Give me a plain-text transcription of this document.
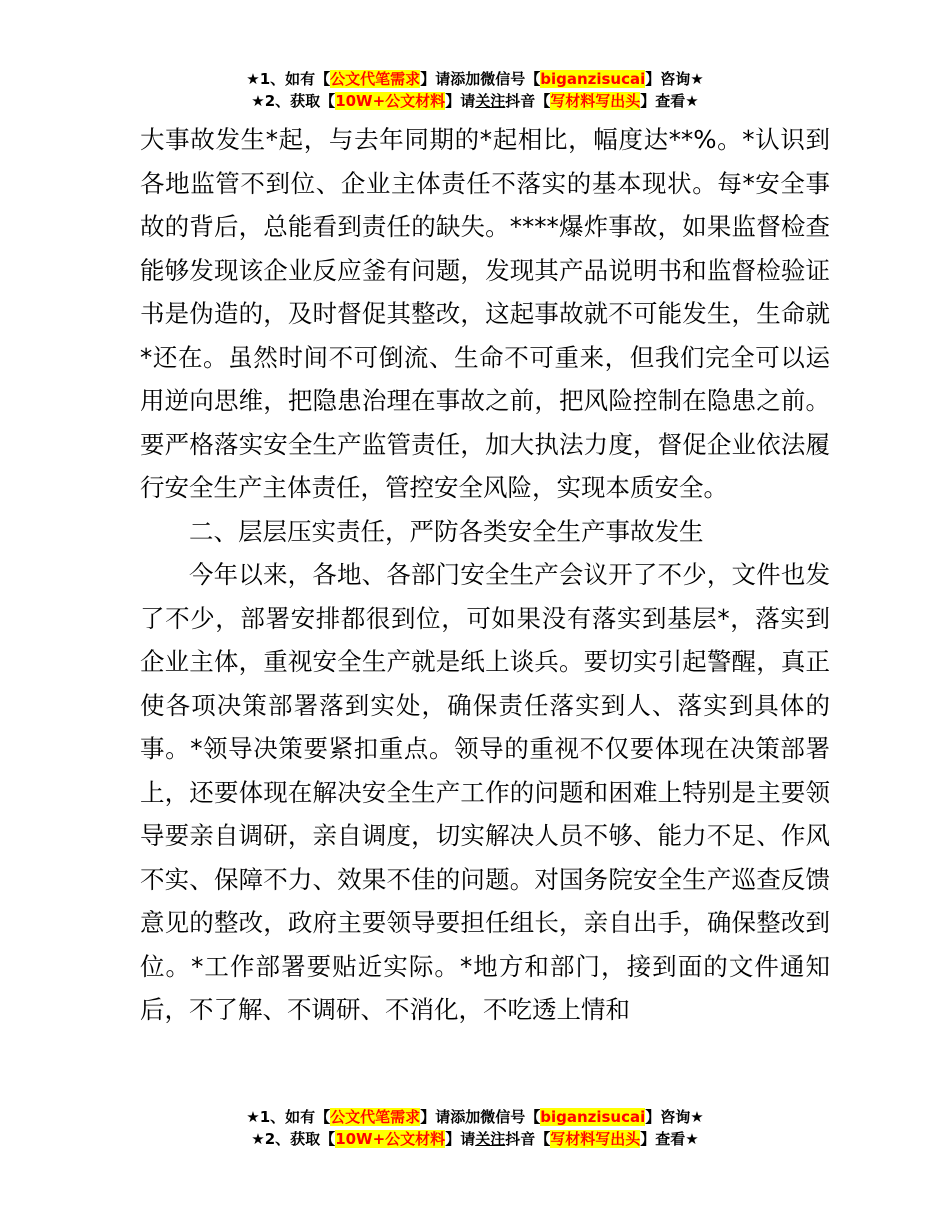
★1、如有【公文代笔需求】请添加微信号【biganzisucai】咨询★
★2、获取【10W+公文材料】请关注抖音【写材料写出头】查看★

大事故发生*起，与去年同期的*起相比，幅度达**%。*认识到各地监管不到位、企业主体责任不落实的基本现状。每*安全事故的背后，总能看到责任的缺失。****爆炸事故，如果监督检查能够发现该企业反应釜有问题，发现其产品说明书和监督检验证书是伪造的，及时督促其整改，这起事故就不可能发生，生命就*还在。虽然时间不可倒流、生命不可重来，但我们完全可以运用逆向思维，把隐患治理在事故之前，把风险控制在隐患之前。要严格落实安全生产监管责任，加大执法力度，督促企业依法履行安全生产主体责任，管控安全风险，实现本质安全。

二、层层压实责任，严防各类安全生产事故发生

今年以来，各地、各部门安全生产会议开了不少，文件也发了不少，部署安排都很到位，可如果没有落实到基层*，落实到企业主体，重视安全生产就是纸上谈兵。要切实引起警醒，真正使各项决策部署落到实处，确保责任落实到人、落实到具体的事。*领导决策要紧扣重点。领导的重视不仅要体现在决策部署上，还要体现在解决安全生产工作的问题和困难上特别是主要领导要亲自调研，亲自调度，切实解决人员不够、能力不足、作风不实、保障不力、效果不佳的问题。对国务院安全生产巡查反馈意见的整改，政府主要领导要担任组长，亲自出手，确保整改到位。*工作部署要贴近实际。*地方和部门，接到面的文件通知后，不了解、不调研、不消化，不吃透上情和

★1、如有【公文代笔需求】请添加微信号【biganzisucai】咨询★
★2、获取【10W+公文材料】请关注抖音【写材料写出头】查看★
